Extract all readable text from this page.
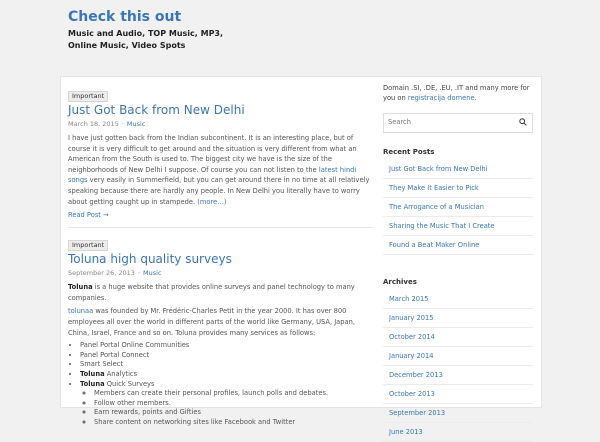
Check this out
Music and Audio, TOP Music, MP3, Online Music, Video Spots
Important
Just Got Back from New Delhi
March 18, 2015 · Music

I have just gotten back from the Indian subcontinent. It is an interesting place, but of course it is very difficult to get around and the situation is very different from what an American from the South is used to. The biggest city we have is the size of the neighborhoods of New Delhi I suppose. Of course you can not listen to the latest hindi songs very easily in Summerfield, but you can get around there in no time at all relatively speaking because there are hardly any people. In New Delhi you literally have to worry about getting caught up in stampede. (more…)

Read Post →
Important
Toluna high quality surveys
September 26, 2013 · Music

Toluna is a huge website that provides online surveys and panel technology to many companies.

tolunaa was founded by Mr. Frédéric-Charles Petit in the year 2000. It has over 800 employees all over the world in different parts of the world like Germany, USA, Japan, China, Israel, France and so on. Toluna provides many services as follows:

• Panel Portal Online Communities
• Panel Portal Connect
• Smart Select
• Toluna Analytics
• Toluna Quick Surveys
◦ Members can create their personal profiles, launch polls and debates.
◦ Follow other members.
◦ Earn rewards, points and Gifties
◦ Share content on networking sites like Facebook and Twitter
Domain .SI, .DE, .EU, .IT and many more for you on registracija domene.
Search
Recent Posts
Just Got Back from New Delhi
They Make It Easier to Pick
The Arrogance of a Musician
Sharing the Music That I Create
Found a Beat Maker Online
Archives
March 2015
January 2015
October 2014
January 2014
December 2013
October 2013
September 2013
June 2013
